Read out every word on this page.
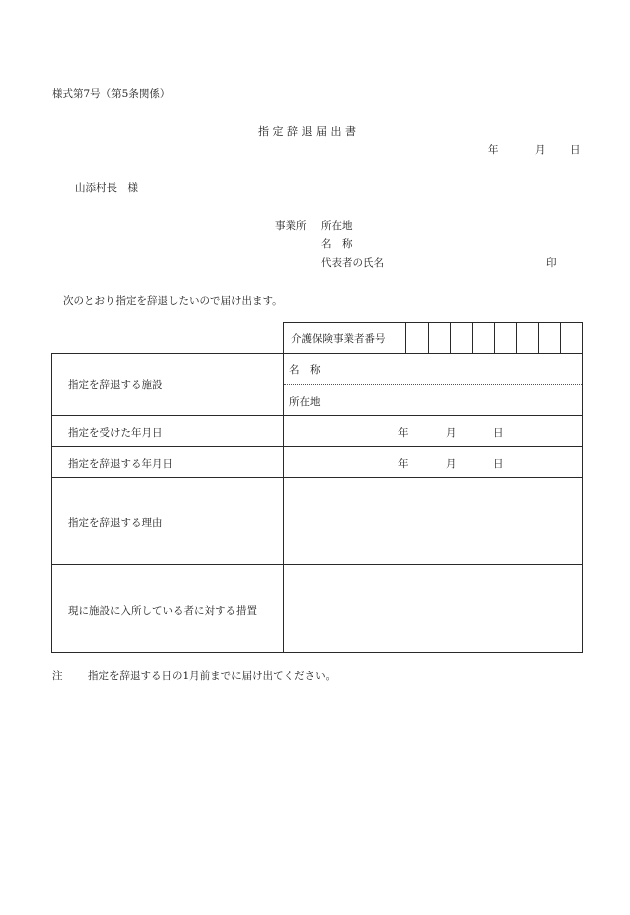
様式第7号（第5条関係）
指 定 辞 退 届 出 書
年	月 日
山添村長　様
事業所 所在地
名　称
代表者の氏名	印
次のとおり指定を辞退したいので届け出ます。
介護保険事業者番号
指定を辞退する施設
名　称
所在地
指定を受けた年月日	年	月	日
指定を辞退する年月日	年	月	日
指定を辞退する理由
現に施設に入所している者に対する措置
注 指定を辞退する日の1月前までに届け出てください。
